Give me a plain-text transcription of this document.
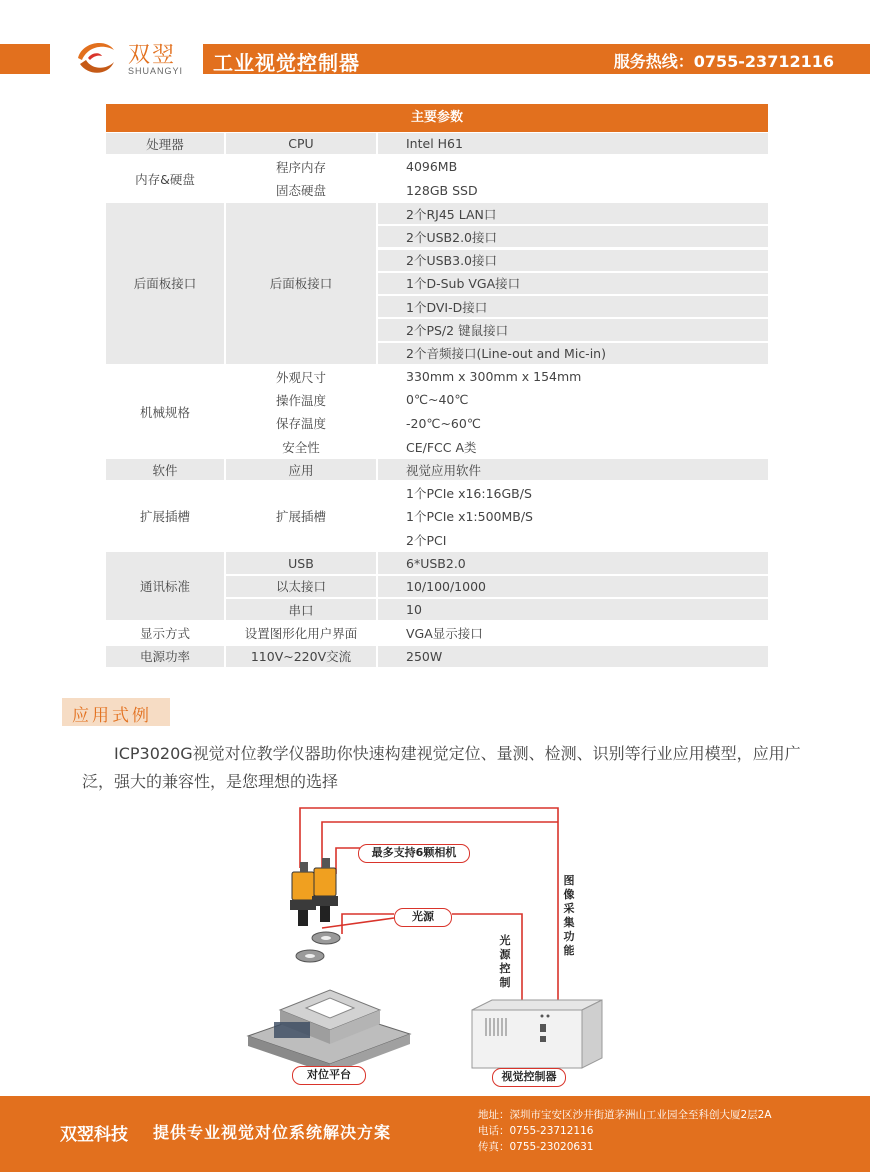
双翌
SHUANGYI 工业视觉控制器	服务热线：0755-23712116
主要参数
处理器	CPU	Intel H61
内存&硬盘
程序内存	4096MB
固态硬盘	128GB SSD
后面板接口	后面板接口
2个RJ45 LAN口
2个USB2.0接口
2个USB3.0接口
1个D-Sub VGA接口
1个DVI-D接口
2个PS/2 键鼠接口
2个音频接口(Line-out and Mic-in)
机械规格
外观尺寸	330mm x 300mm x 154mm
操作温度	0℃~40℃
保存温度	-20℃~60℃
安全性	CE/FCC A类
软件	应用	视觉应用软件
扩展插槽	扩展插槽
1个PCIe x16:16GB/S
1个PCIe x1:500MB/S
2个PCI
通讯标准
USB	6*USB2.0
以太接口	10/100/1000
串口	10
显示方式	设置图形化用户界面	VGA显示接口
电源功率	110V~220V交流	250W
应用式例
ICP3020G视觉对位教学仪器助你快速构建视觉定位、量测、检测、识别等行业应用模型，应用广泛，强大的兼容性，是您理想的选择
最多支持6颗相机
光源
对位平台	视觉控制器
光源控制
图像采集功能
双翌科技 提供专业视觉对位系统解决方案
地址：深圳市宝安区沙井街道茅洲山工业园全至科创大厦2层2A
电话：0755-23712116
传真：0755-23020631
